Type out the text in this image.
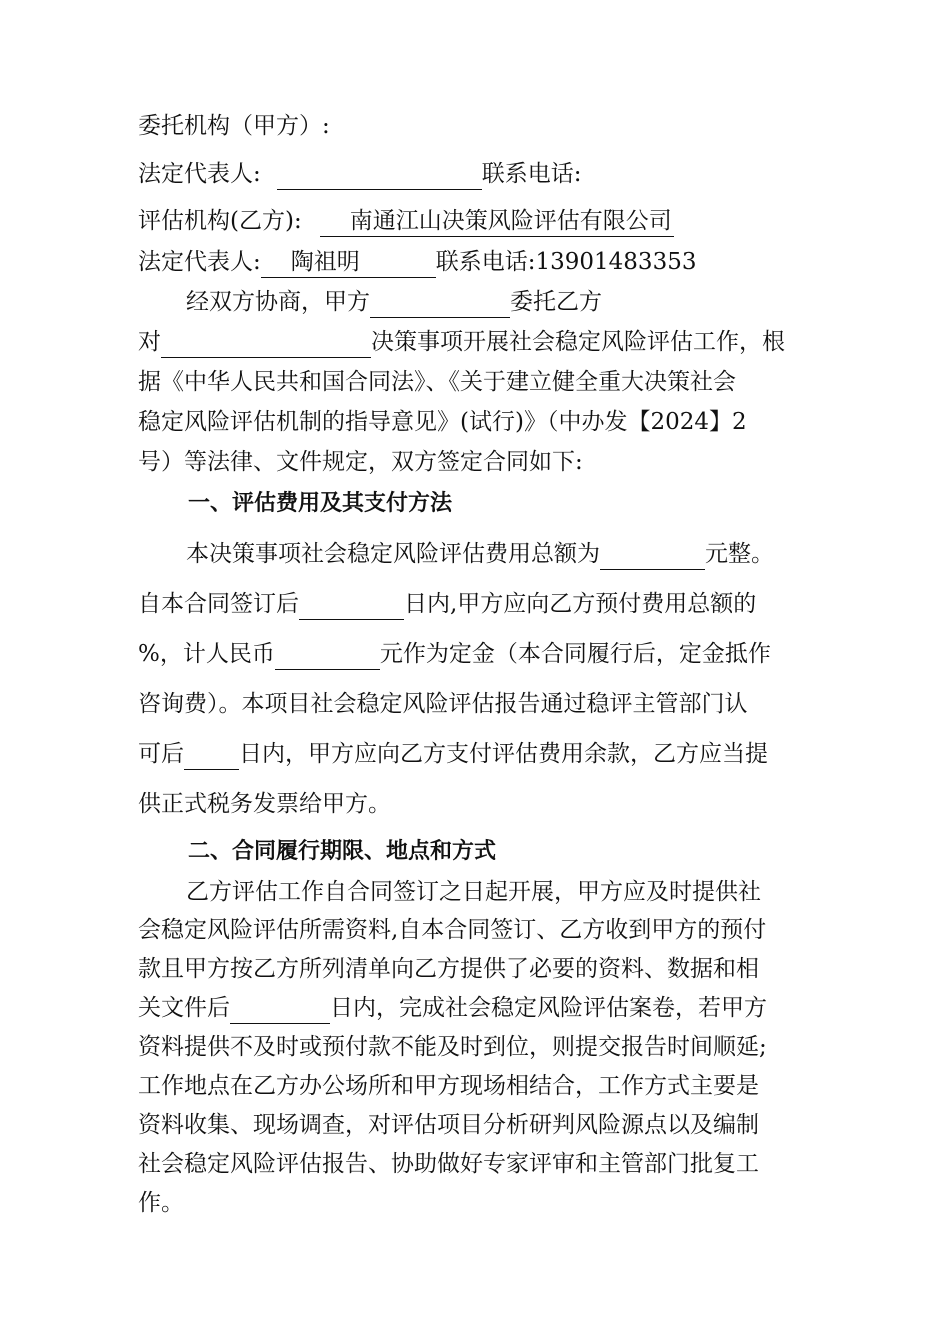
委托机构（甲方）:
法定代表人:	联系电话:
评估机构(乙方): 南通江山决策风险评估有限公司
法定代表人: 陶祖明	联系电话:13901483353
经双方协商，甲方	委托乙方
对	决策事项开展社会稳定风险评估工作，根
据《中华人民共和国合同法》、《关于建立健全重大决策社会
稳定风险评估机制的指导意见》(试行)》（中办发【2024】2
号）等法律、文件规定，双方签定合同如下:
一、评估费用及其支付方法
本决策事项社会稳定风险评估费用总额为	元整。
自本合同签订后	日内,甲方应向乙方预付费用总额的
%，计人民币	元作为定金（本合同履行后，定金抵作
咨询费）。本项目社会稳定风险评估报告通过稳评主管部门认
可后 日内，甲方应向乙方支付评估费用余款，乙方应当提
供正式税务发票给甲方。
二、合同履行期限、地点和方式
乙方评估工作自合同签订之日起开展，甲方应及时提供社
会稳定风险评估所需资料,自本合同签订、乙方收到甲方的预付
款且甲方按乙方所列清单向乙方提供了必要的资料、数据和相
关文件后	日内，完成社会稳定风险评估案卷，若甲方
资料提供不及时或预付款不能及时到位，则提交报告时间顺延;
工作地点在乙方办公场所和甲方现场相结合，工作方式主要是
资料收集、现场调查，对评估项目分析研判风险源点以及编制
社会稳定风险评估报告、协助做好专家评审和主管部门批复工
作。
